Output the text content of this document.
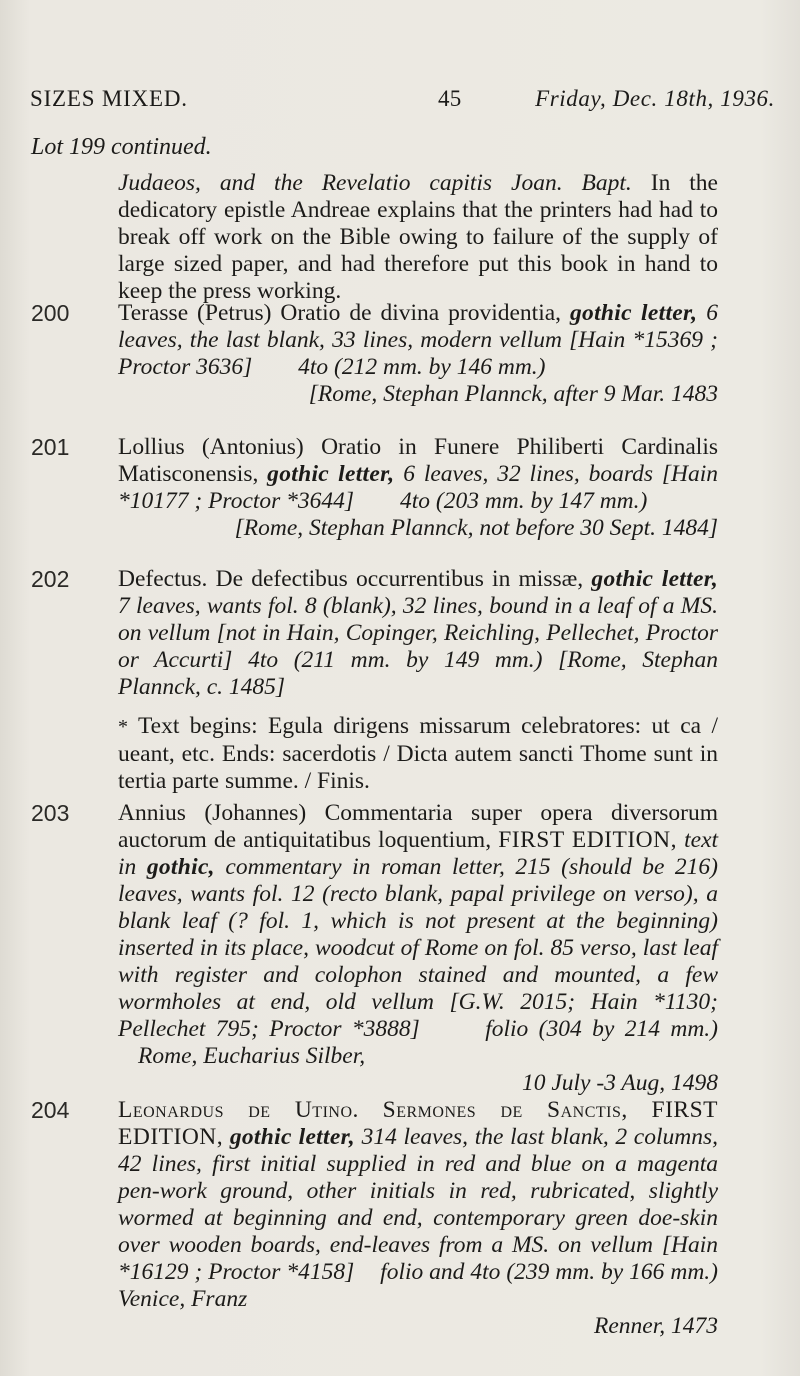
SIZES MIXED.	45	Friday, Dec. 18th, 1936.
Lot 199 continued.
Judaeos, and the Revelatio capitis Joan. Bapt. In the dedicatory epistle Andreae explains that the printers had had to break off work on the Bible owing to failure of the supply of large sized paper, and had therefore put this book in hand to keep the press working.
200 Terasse (Petrus) Oratio de divina providentia, gothic letter, 6 leaves, the last blank, 33 lines, modern vellum [Hain *15369 ; Proctor 3636] 4to (212 mm. by 146 mm.)
[Rome, Stephan Plannck, after 9 Mar. 1483

201 Lollius (Antonius) Oratio in Funere Philiberti Cardinalis Matisconensis, gothic letter, 6 leaves, 32 lines, boards [Hain *10177 ; Proctor *3644] 4to (203 mm. by 147 mm.)
[Rome, Stephan Plannck, not before 30 Sept. 1484]

202 Defectus. De defectibus occurrentibus in missæ, gothic letter, 7 leaves, wants fol. 8 (blank), 32 lines, bound in a leaf of a MS. on vellum [not in Hain, Copinger, Reichling, Pellechet, Proctor or Accurti] 4to (211 mm. by 149 mm.) [Rome, Stephan Plannck, c. 1485]

* Text begins: Egula dirigens missarum celebratores: ut ca / ueant, etc. Ends: sacerdotis / Dicta autem sancti Thome sunt in tertia parte summe. / Finis.

203 Annius (Johannes) Commentaria super opera diversorum auctorum de antiquitatibus loquentium, FIRST EDITION, text in gothic, commentary in roman letter, 215 (should be 216) leaves, wants fol. 12 (recto blank, papal privilege on verso), a blank leaf (? fol. 1, which is not present at the beginning) inserted in its place, woodcut of Rome on fol. 85 verso, last leaf with register and colophon stained and mounted, a few wormholes at end, old vellum [G.W. 2015; Hain *1130; Pellechet 795; Proctor *3888]	folio (304 by 214 mm.) Rome, Eucharius Silber,
10 July -3 Aug, 1498

204 Leonardus de Utino. Sermones de Sanctis, FIRST EDITION, gothic letter, 314 leaves, the last blank, 2 columns, 42 lines, first initial supplied in red and blue on a magenta pen-work ground, other initials in red, rubricated, slightly wormed at beginning and end, contemporary green doe-skin over wooden boards, end-leaves from a MS. on vellum [Hain *16129 ; Proctor *4158] folio and 4to (239 mm. by 166 mm.) Venice, Franz
Renner, 1473
